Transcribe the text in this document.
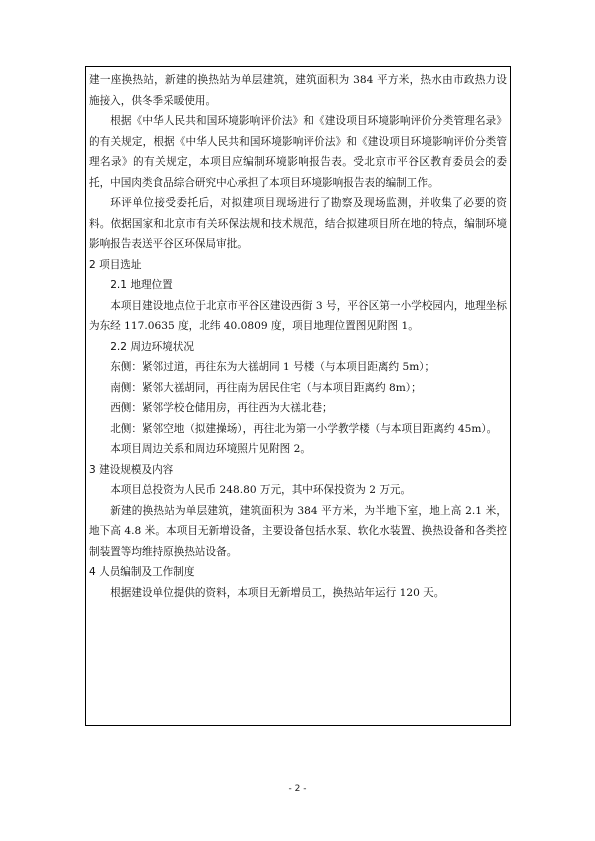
建一座换热站，新建的换热站为单层建筑，建筑面积为 384 平方米，热水由市政热力设施接入，供冬季采暖使用。

根据《中华人民共和国环境影响评价法》和《建设项目环境影响评价分类管理名录》的有关规定，根据《中华人民共和国环境影响评价法》和《建设项目环境影响评价分类管理名录》的有关规定，本项目应编制环境影响报告表。受北京市平谷区教育委员会的委托，中国肉类食品综合研究中心承担了本项目环境影响报告表的编制工作。

环评单位接受委托后，对拟建项目现场进行了勘察及现场监测，并收集了必要的资料。依据国家和北京市有关环保法规和技术规范，结合拟建项目所在地的特点，编制环境影响报告表送平谷区环保局审批。

2 项目选址

2.1 地理位置

本项目建设地点位于北京市平谷区建设西街 3 号，平谷区第一小学校园内，地理坐标为东经 117.0635 度，北纬 40.0809 度，项目地理位置图见附图 1。

2.2 周边环境状况

东侧：紧邻过道，再往东为大禚胡同 1 号楼（与本项目距离约 5m）；

南侧：紧邻大禚胡同，再往南为居民住宅（与本项目距离约 8m）；

西侧：紧邻学校仓储用房，再往西为大禚北巷；

北侧：紧邻空地（拟建操场），再往北为第一小学教学楼（与本项目距离约 45m）。

本项目周边关系和周边环境照片见附图 2。

3 建设规模及内容

本项目总投资为人民币 248.80 万元，其中环保投资为 2 万元。

新建的换热站为单层建筑，建筑面积为 384 平方米，为半地下室，地上高 2.1 米，地下高 4.8 米。本项目无新增设备，主要设备包括水泵、软化水装置、换热设备和各类控制装置等均维持原换热站设备。

4 人员编制及工作制度

根据建设单位提供的资料，本项目无新增员工，换热站年运行 120 天。

- 2 -
